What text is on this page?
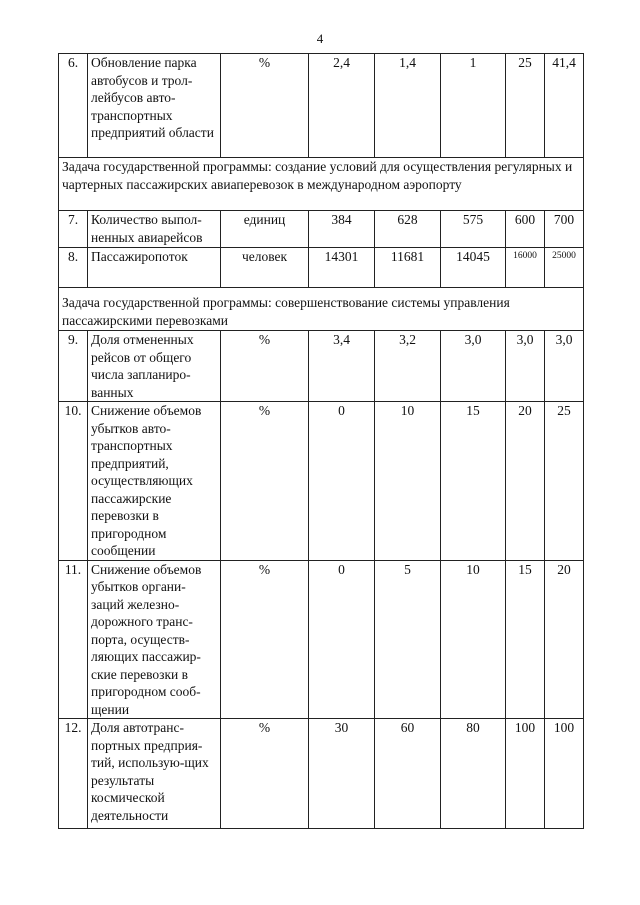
4
6.	Обновление парка автобусов и трол-лейбусов авто-транспортных предприятий области	%	2,4	1,4	1	25	41,4
Задача государственной программы: создание условий для осуществления регулярных и чартерных пассажирских авиаперевозок в международном аэропорту							
7.	Количество выпол-ненных авиарейсов	единиц	384	628	575	600	700
8.	Пассажиропоток	человек	14301	11681	14045	16000	25000
Задача государственной программы: совершенствование системы управления пассажирскими перевозками							
9.	Доля отмененных рейсов от общего числа запланиро-ванных	%	3,4	3,2	3,0	3,0	3,0
10.	Снижение объемов убытков авто-транспортных предприятий, осуществляющих пассажирские перевозки в пригородном сообщении	%	0	10	15	20	25
11.	Снижение объемов убытков органи-заций железно-дорожного транс-порта, осуществ-ляющих пассажир-ские перевозки в пригородном сооб-щении	%	0	5	10	15	20
12.	Доля автотранс-портных предприя-тий, использую-щих результаты космической деятельности	%	30	60	80	100	100
